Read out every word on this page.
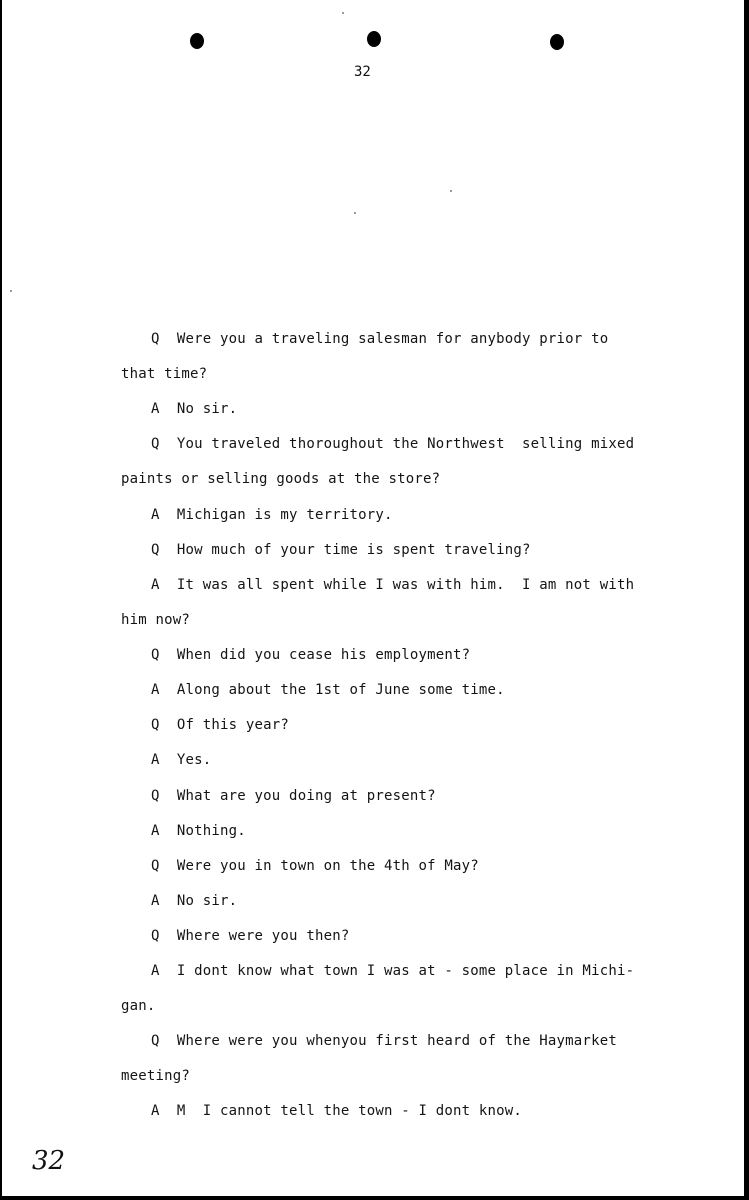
32
Q  Were you a traveling salesman for anybody prior to
that time?
A  No sir.
Q  You traveled thoroughout the Northwest  selling mixed
paints or selling goods at the store?
A  Michigan is my territory.
Q  How much of your time is spent traveling?
A  It was all spent while I was with him.  I am not with
him now?
Q  When did you cease his employment?
A  Along about the 1st of June some time.
Q  Of this year?
A  Yes.
Q  What are you doing at present?
A  Nothing.
Q  Were you in town on the 4th of May?
A  No sir.
Q  Where were you then?
A  I dont know what town I was at - some place in Michi-
gan.
Q  Where were you whenyou first heard of the Haymarket
meeting?
A  M  I cannot tell the town - I dont know.
32
